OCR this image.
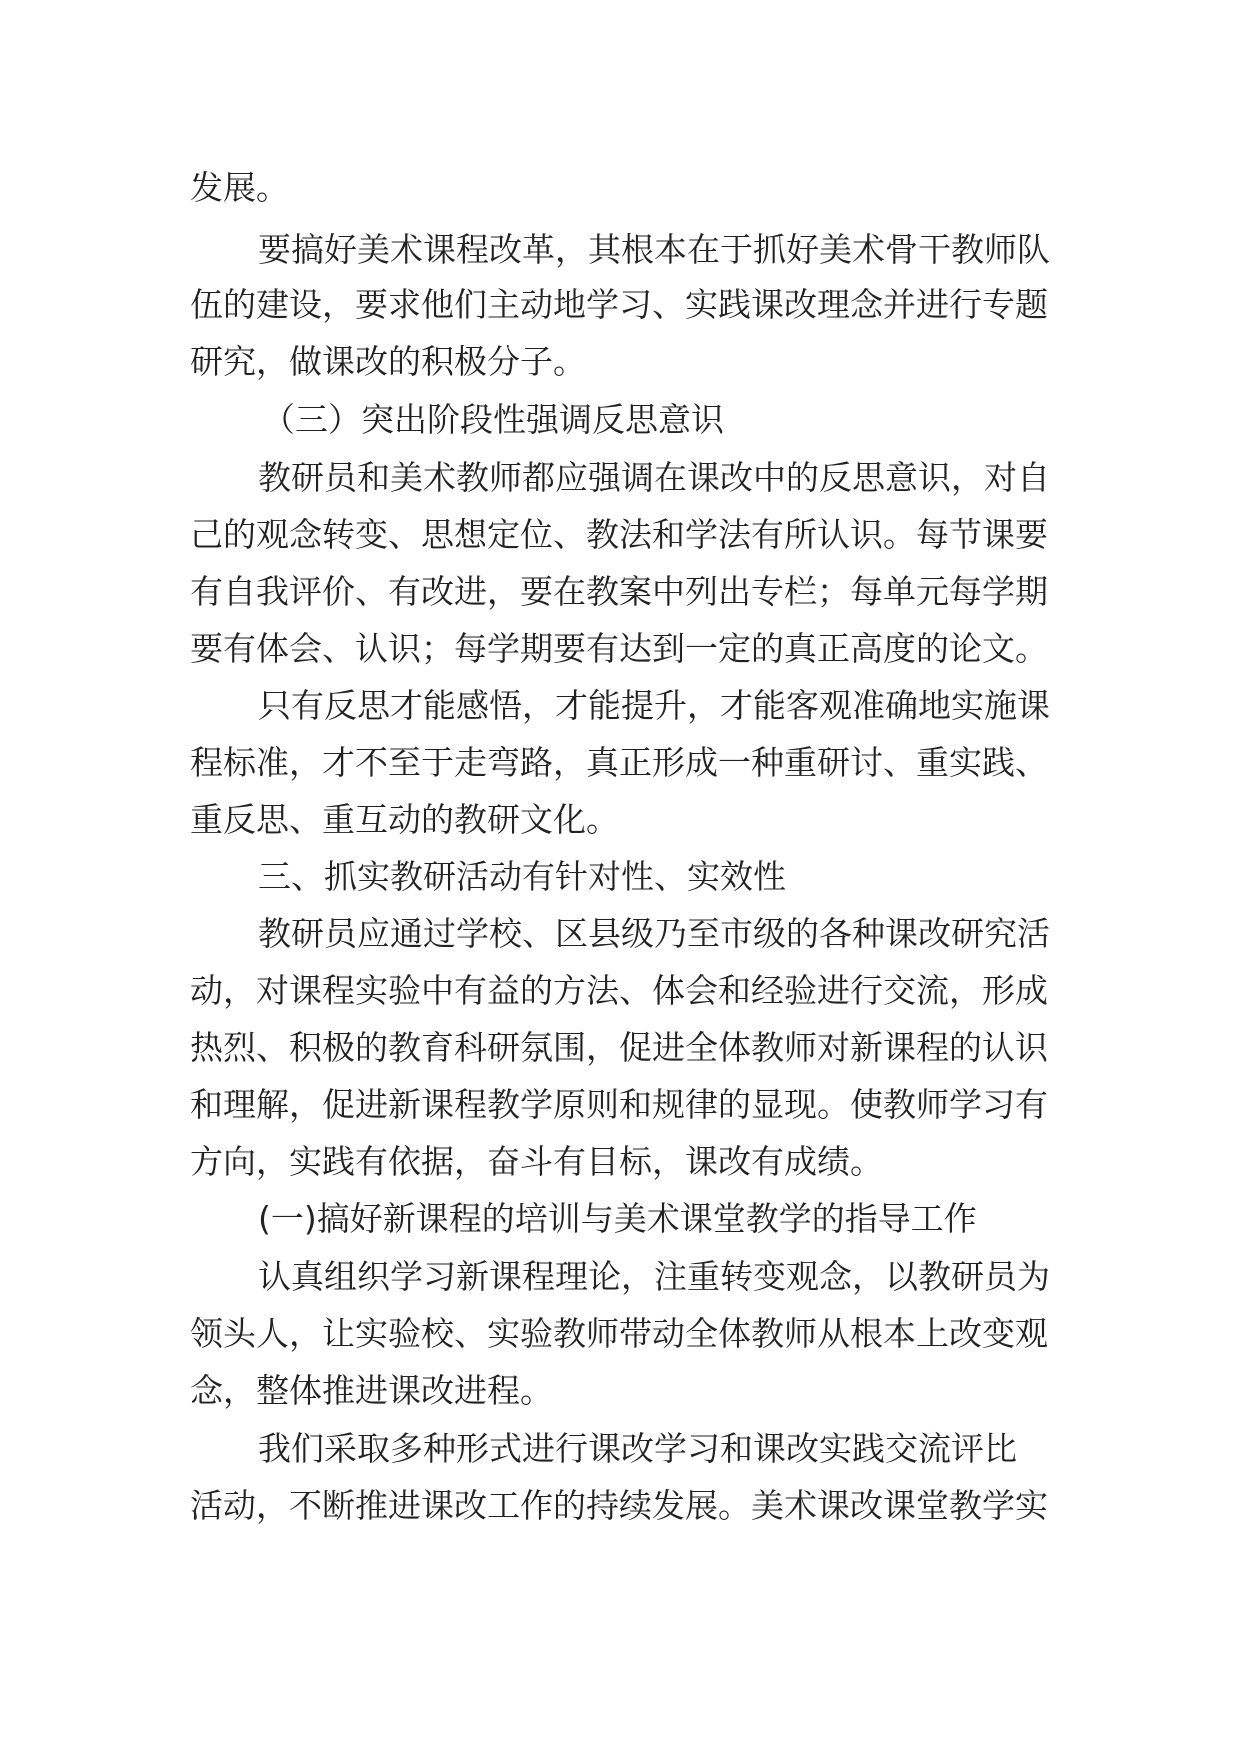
发展。
要搞好美术课程改革，其根本在于抓好美术骨干教师队
伍的建设，要求他们主动地学习、实践课改理念并进行专题
研究，做课改的积极分子。
（三）突出阶段性强调反思意识
教研员和美术教师都应强调在课改中的反思意识，对自
己的观念转变、思想定位、教法和学法有所认识。每节课要
有自我评价、有改进，要在教案中列出专栏；每单元每学期
要有体会、认识；每学期要有达到一定的真正高度的论文。
只有反思才能感悟，才能提升，才能客观准确地实施课
程标准，才不至于走弯路，真正形成一种重研讨、重实践、
重反思、重互动的教研文化。
三、抓实教研活动有针对性、实效性
教研员应通过学校、区县级乃至市级的各种课改研究活
动，对课程实验中有益的方法、体会和经验进行交流，形成
热烈、积极的教育科研氛围，促进全体教师对新课程的认识
和理解，促进新课程教学原则和规律的显现。使教师学习有
方向，实践有依据，奋斗有目标，课改有成绩。
(一)搞好新课程的培训与美术课堂教学的指导工作
认真组织学习新课程理论，注重转变观念，以教研员为
领头人，让实验校、实验教师带动全体教师从根本上改变观
念，整体推进课改进程。
我们采取多种形式进行课改学习和课改实践交流评比
活动，不断推进课改工作的持续发展。美术课改课堂教学实
